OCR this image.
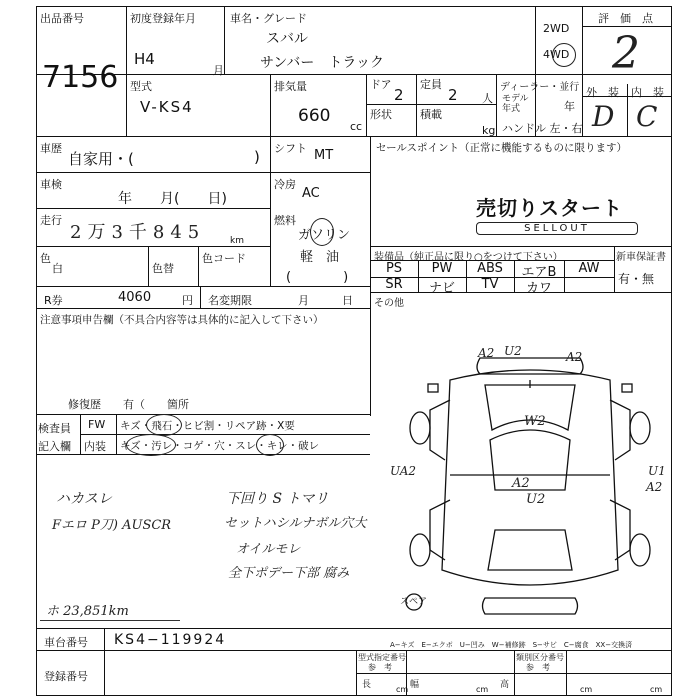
出品番号
7156
初度登録年月
H4
月
車名・グレード
スバル
サンバー　トラック
2WD
4WD
評　価　点
2
外　装 内　装
D C
型式
V-KS4
排気量
660
cc
ドア
2
定員
2 人
形状	積載
kg
ディーラー・並行
モデル
年式	年
ハンドル 左・右
車歴
自家用・(	) シフト MT
車検
年　　月(　　日)
冷房
AC
走行
2万3千845	km
燃料
ガソリン
軽　油
(　　　　)
色
白	色替
色コード
R券	4060	円 名変期限	月　　　日
注意事項申告欄（不具合内容等は具体的に記入して下さい）
修復歴　　有（　　箇所
検査員
記入欄
FW キズ・飛石・ヒビ割・リペア跡・X要
内装 キズ・汚レ・コゲ・穴・スレ・キレ・破レ
セールスポイント（正常に機能するものに限ります）
売切りスタート
SELLOUT
装備品（純正品に限り○をつけて下さい）	新車保証書
有・無
PS	PW	ABS	エアB	AW
SR	ナビ	TV	カワ
その他
ハカスレ
Fエロ P刀) AUSCR
下回り S トマリ
セットハシルナボル穴大
オイルモレ
全下ポデー下部 腐み
ホ 23,851km
A2 U2	A2
W2
A2
U2
UA2	U1
A2
スペア
車台番号 KS4−119924
登録番号
A−キズ　E−エクボ　U−凹み　W−補修跡　S−サビ　C−腐食　XX−交換済
型式指定番号
参　考
類別区分番号
参　考
長	cm 幅	cm 高	cm	cm
